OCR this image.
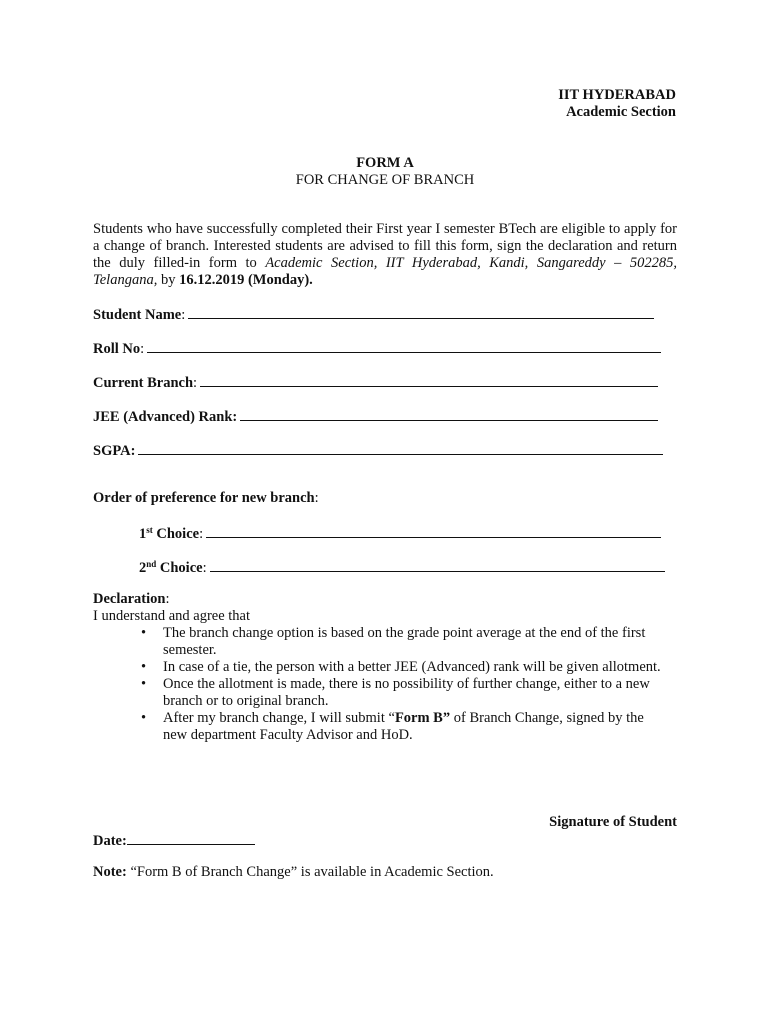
IIT HYDERABAD
Academic Section
FORM A
FOR CHANGE OF BRANCH
Students who have successfully completed their First year I semester BTech are eligible to apply for a change of branch. Interested students are advised to fill this form, sign the declaration and return the duly filled-in form to Academic Section, IIT Hyderabad, Kandi, Sangareddy – 502285, Telangana, by 16.12.2019 (Monday).
Student Name :
Roll No :
Current Branch :
JEE (Advanced) Rank:
SGPA:
Order of preference for new branch :
1st Choice :
2nd Choice :
Declaration:
I understand and agree that
• The branch change option is based on the grade point average at the end of the first semester.
• In case of a tie, the person with a better JEE (Advanced) rank will be given allotment.
• Once the allotment is made, there is no possibility of further change, either to a new branch or to original branch.
• After my branch change, I will submit “Form B” of Branch Change, signed by the new department Faculty Advisor and HoD.
Signature of Student
Date:
Note: “Form B of Branch Change” is available in Academic Section.
